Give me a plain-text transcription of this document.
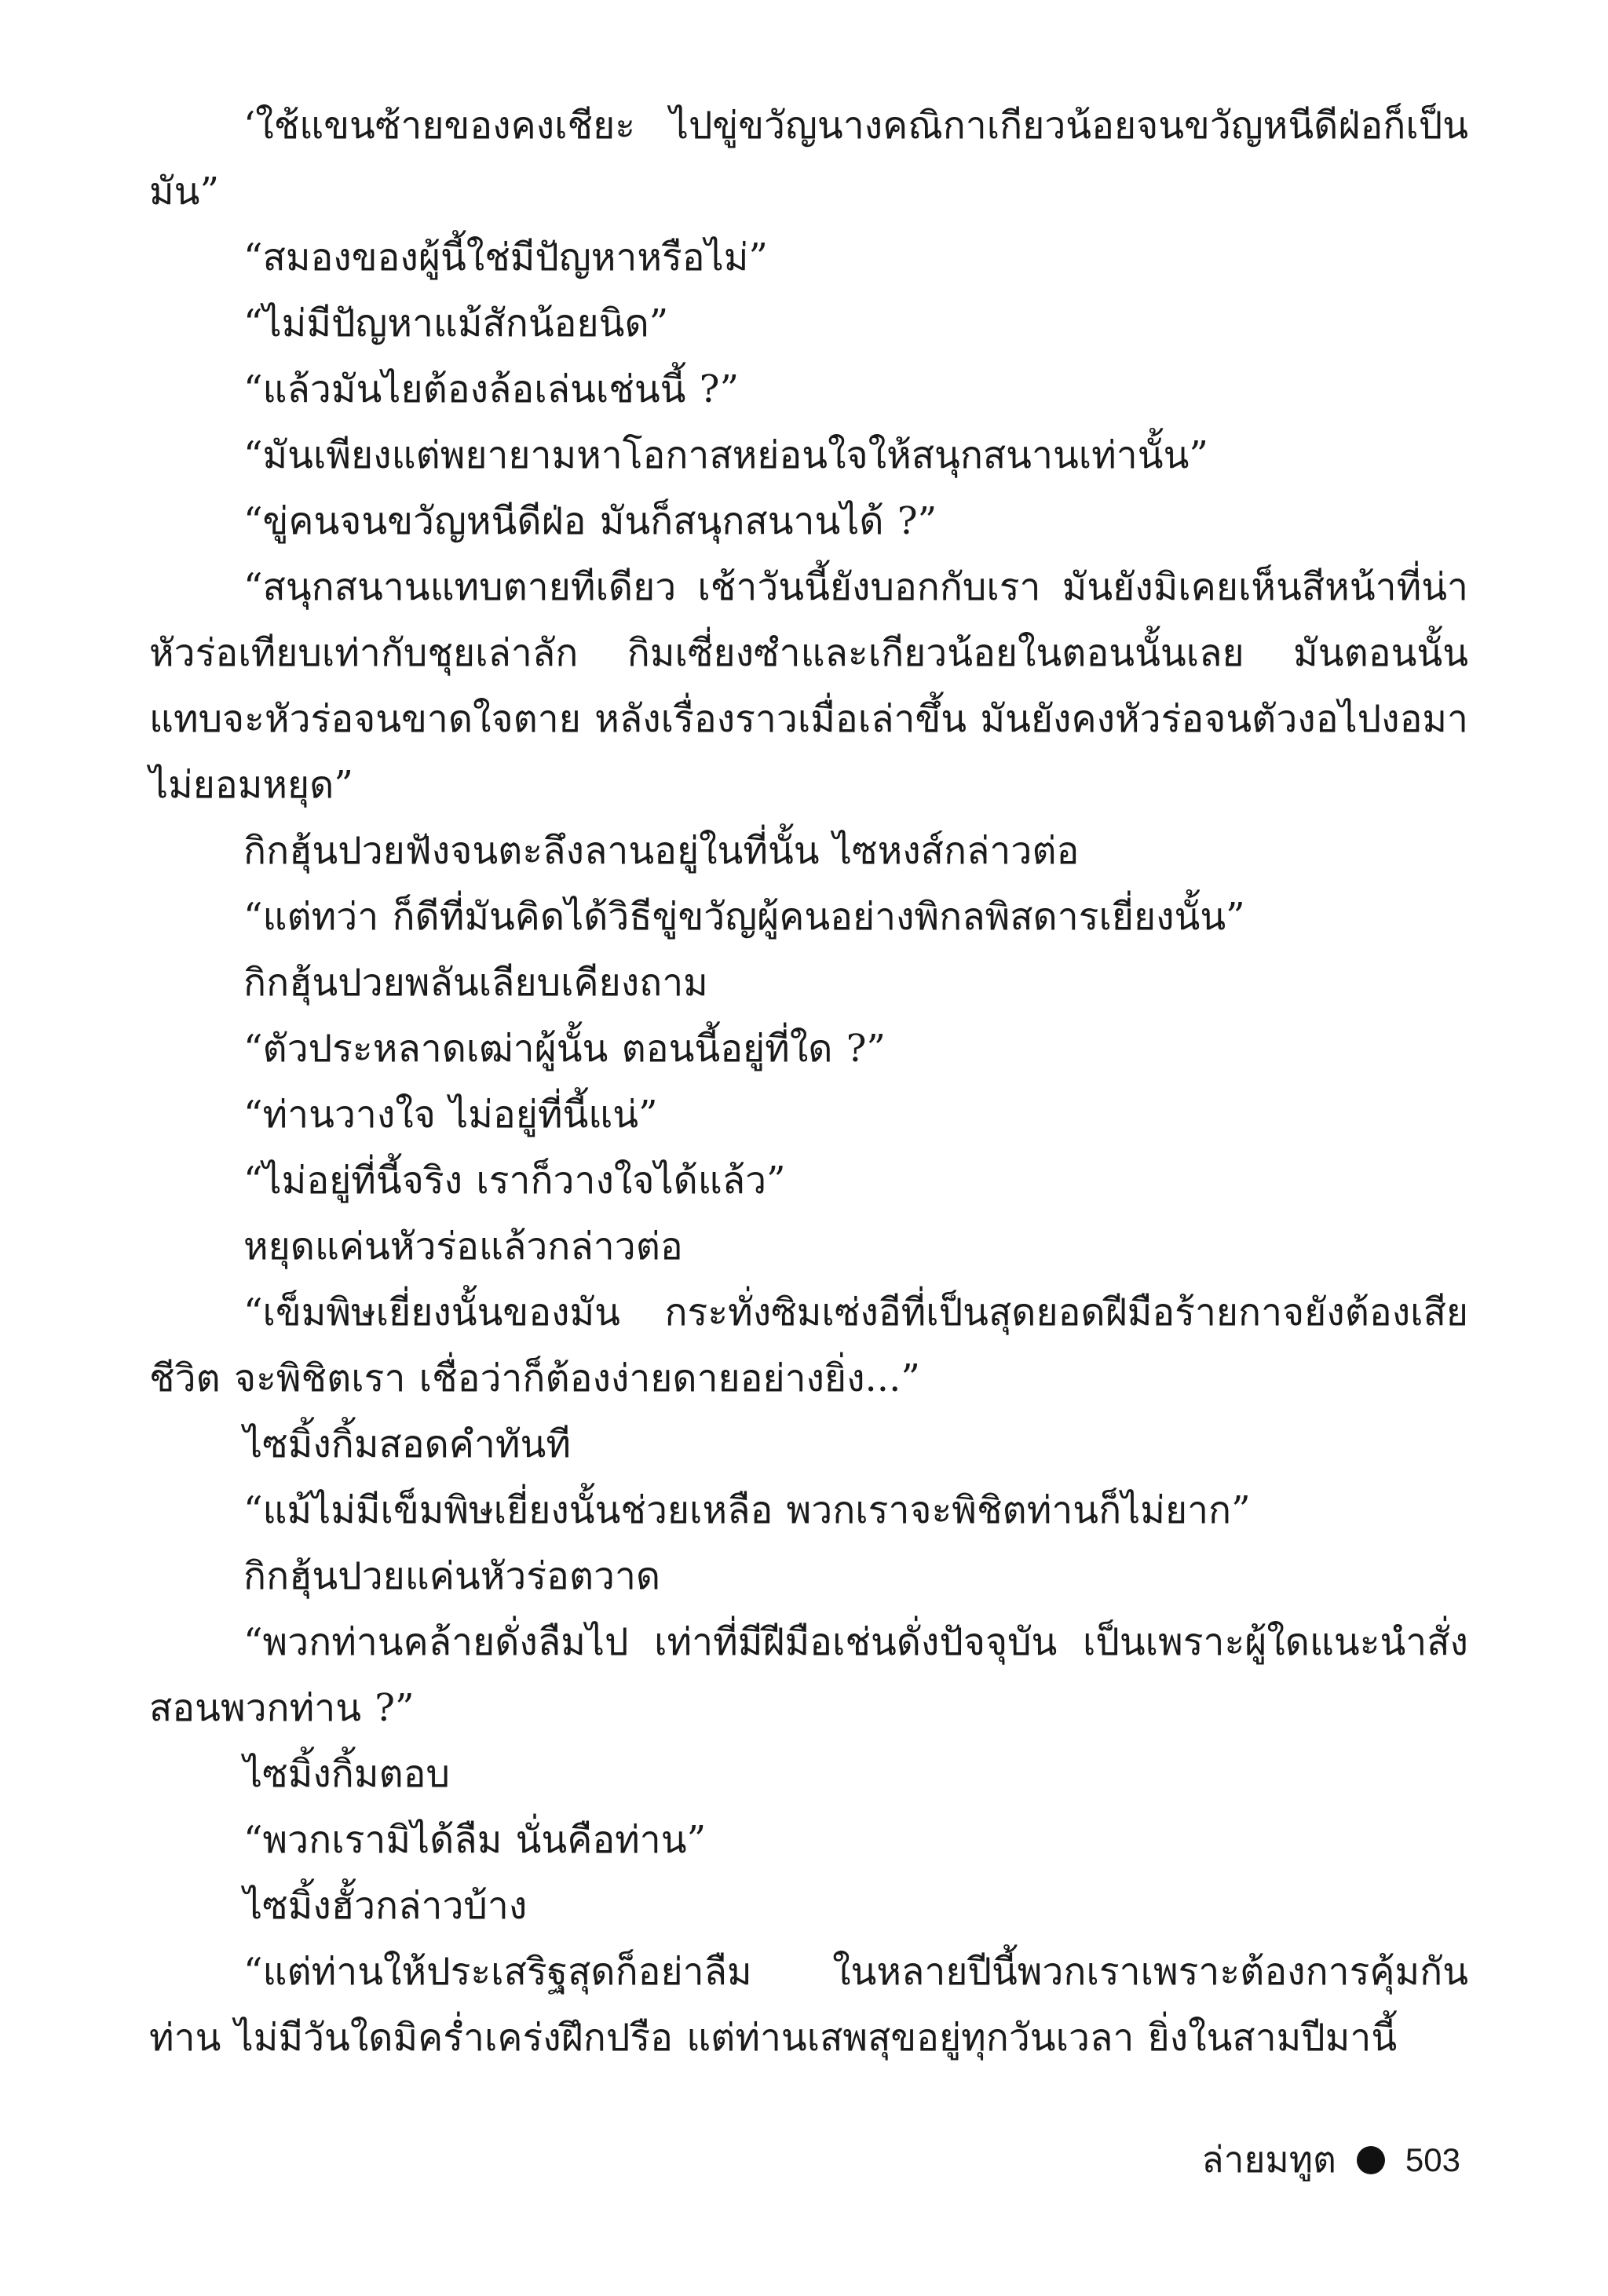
‘ใช้แขนซ้ายของคงเชียะ ไปขู่ขวัญนางคณิกาเกียวน้อยจนขวัญหนีดีฝ่อก็เป็นมัน”

“สมองของผู้นี้ใช่มีปัญหาหรือไม่”

“ไม่มีปัญหาแม้สักน้อยนิด”

“แล้วมันไยต้องล้อเล่นเช่นนี้ ?”

“มันเพียงแต่พยายามหาโอกาสหย่อนใจให้สนุกสนานเท่านั้น”

“ขู่คนจนขวัญหนีดีฝ่อ มันก็สนุกสนานได้ ?”

“สนุกสนานแทบตายทีเดียว เช้าวันนี้ยังบอกกับเรา มันยังมิเคยเห็นสีหน้าที่น่าหัวร่อเทียบเท่ากับชุยเล่าลัก กิมเซี่ยงซำและเกียวน้อยในตอนนั้นเลย มันตอนนั้นแทบจะหัวร่อจนขาดใจตาย หลังเรื่องราวเมื่อเล่าขึ้น มันยังคงหัวร่อจนตัวงอไปงอมาไม่ยอมหยุด”

กิกฮุ้นปวยฟังจนตะลึงลานอยู่ในที่นั้น ไซหงส์กล่าวต่อ

“แต่ทว่า ก็ดีที่มันคิดได้วิธีขู่ขวัญผู้คนอย่างพิกลพิสดารเยี่ยงนั้น”

กิกฮุ้นปวยพลันเลียบเคียงถาม

“ตัวประหลาดเฒ่าผู้นั้น ตอนนี้อยู่ที่ใด ?”

“ท่านวางใจ ไม่อยู่ที่นี้แน่”

“ไม่อยู่ที่นี้จริง เราก็วางใจได้แล้ว”

หยุดแค่นหัวร่อแล้วกล่าวต่อ

“เข็มพิษเยี่ยงนั้นของมัน กระทั่งซิมเซ่งอีที่เป็นสุดยอดฝีมือร้ายกาจยังต้องเสียชีวิต จะพิชิตเรา เชื่อว่าก็ต้องง่ายดายอย่างยิ่ง...”

ไซมิ้งกิ้มสอดคำทันที

“แม้ไม่มีเข็มพิษเยี่ยงนั้นช่วยเหลือ พวกเราจะพิชิตท่านก็ไม่ยาก”

กิกฮุ้นปวยแค่นหัวร่อตวาด

“พวกท่านคล้ายดั่งลืมไป เท่าที่มีฝีมือเช่นดั่งปัจจุบัน เป็นเพราะผู้ใดแนะนำสั่งสอนพวกท่าน ?”

ไซมิ้งกิ้มตอบ

“พวกเรามิได้ลืม นั่นคือท่าน”

ไซมิ้งฮั้วกล่าวบ้าง

“แต่ท่านให้ประเสริฐสุดก็อย่าลืม ในหลายปีนี้พวกเราเพราะต้องการคุ้มกันท่าน ไม่มีวันใดมิคร่ำเคร่งฝึกปรือ แต่ท่านเสพสุขอยู่ทุกวันเวลา ยิ่งในสามปีมานี้

ล่ายมทูต 503
